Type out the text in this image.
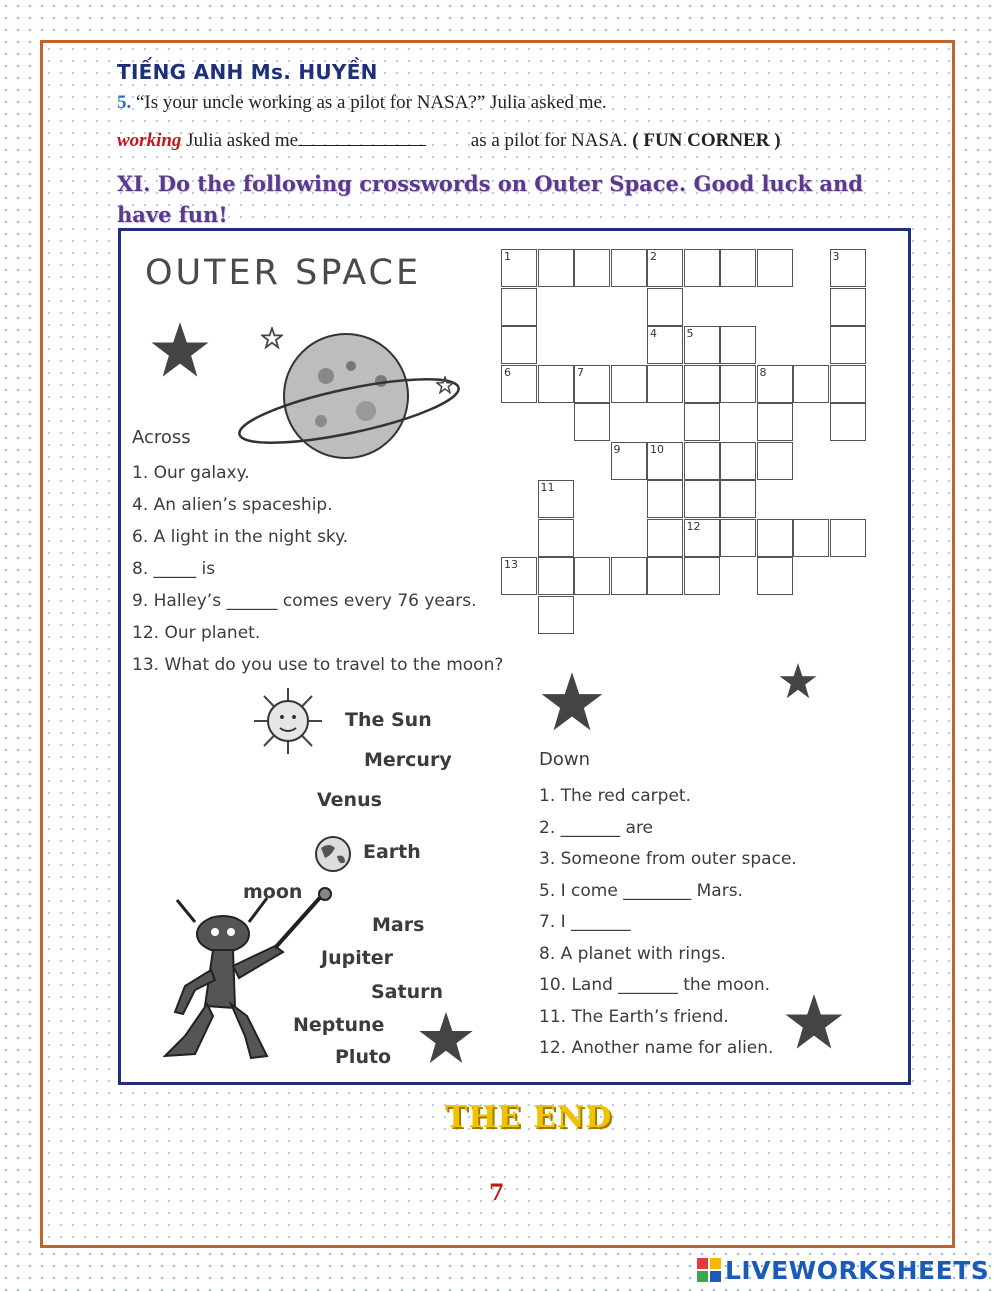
TIẾNG ANH Ms. HUYỀN
5. “Is your uncle working as a pilot for NASA?” Julia asked me.
working Julia asked me	as a pilot for NASA. ( FUN CORNER )
XI. Do the following crosswords on Outer Space. Good luck and have fun!
OUTER SPACE
Across
1. Our galaxy.
4. An alien’s spaceship.
6. A light in the night sky.
8. _____ is
9. Halley’s ______ comes every 76 years.
12. Our planet.
13. What do you use to travel to the moon?
1	2	3
4	5
6	7	8
9	10
11
12
13
The Sun
Mercury
Venus
Earth
moon
Mars
Jupiter
Saturn
Neptune
Pluto
Down
1. The red carpet.
2. _______ are
3. Someone from outer space.
5. I come ________ Mars.
7. I _______
8. A planet with rings.
10. Land _______ the moon.
11. The Earth’s friend.
12. Another name for alien.
THE END
7
LIVEWORKSHEETS
